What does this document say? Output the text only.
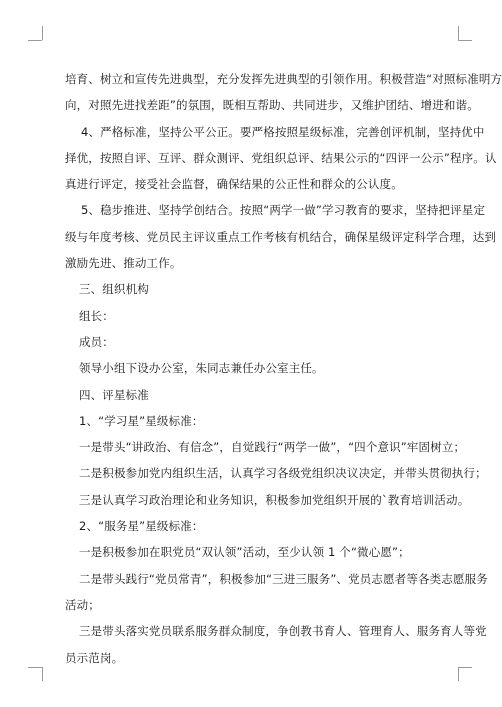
培育、树立和宣传先进典型，充分发挥先进典型的引领作用。积极营造“对照标准明方
向，对照先进找差距”的氛围，既相互帮助、共同进步，又维护团结、增进和谐。
4、严格标准，坚持公平公正。要严格按照星级标准，完善创评机制，坚持优中
择优，按照自评、互评、群众测评、党组织总评、结果公示的“四评一公示”程序。认
真进行评定，接受社会监督，确保结果的公正性和群众的公认度。
5、稳步推进、坚持学创结合。按照“两学一做”学习教育的要求，坚持把评星定
级与年度考核、党员民主评议重点工作考核有机结合，确保星级评定科学合理，达到
激励先进、推动工作。
三、组织机构
组长：
成员：
领导小组下设办公室，朱同志兼任办公室主任。
四、评星标准
1、“学习星”星级标准：
一是带头“讲政治、有信念”，自觉践行“两学一做”，“四个意识”牢固树立；
二是积极参加党内组织生活，认真学习各级党组织决议决定，并带头贯彻执行；
三是认真学习政治理论和业务知识，积极参加党组织开展的`教育培训活动。
2、“服务星”星级标准：
一是积极参加在职党员“双认领”活动，至少认领 1 个“微心愿”；
二是带头践行“党员常青”，积极参加“三进三服务”、党员志愿者等各类志愿服务
活动；
三是带头落实党员联系服务群众制度，争创教书育人、管理育人、服务育人等党
员示范岗。
